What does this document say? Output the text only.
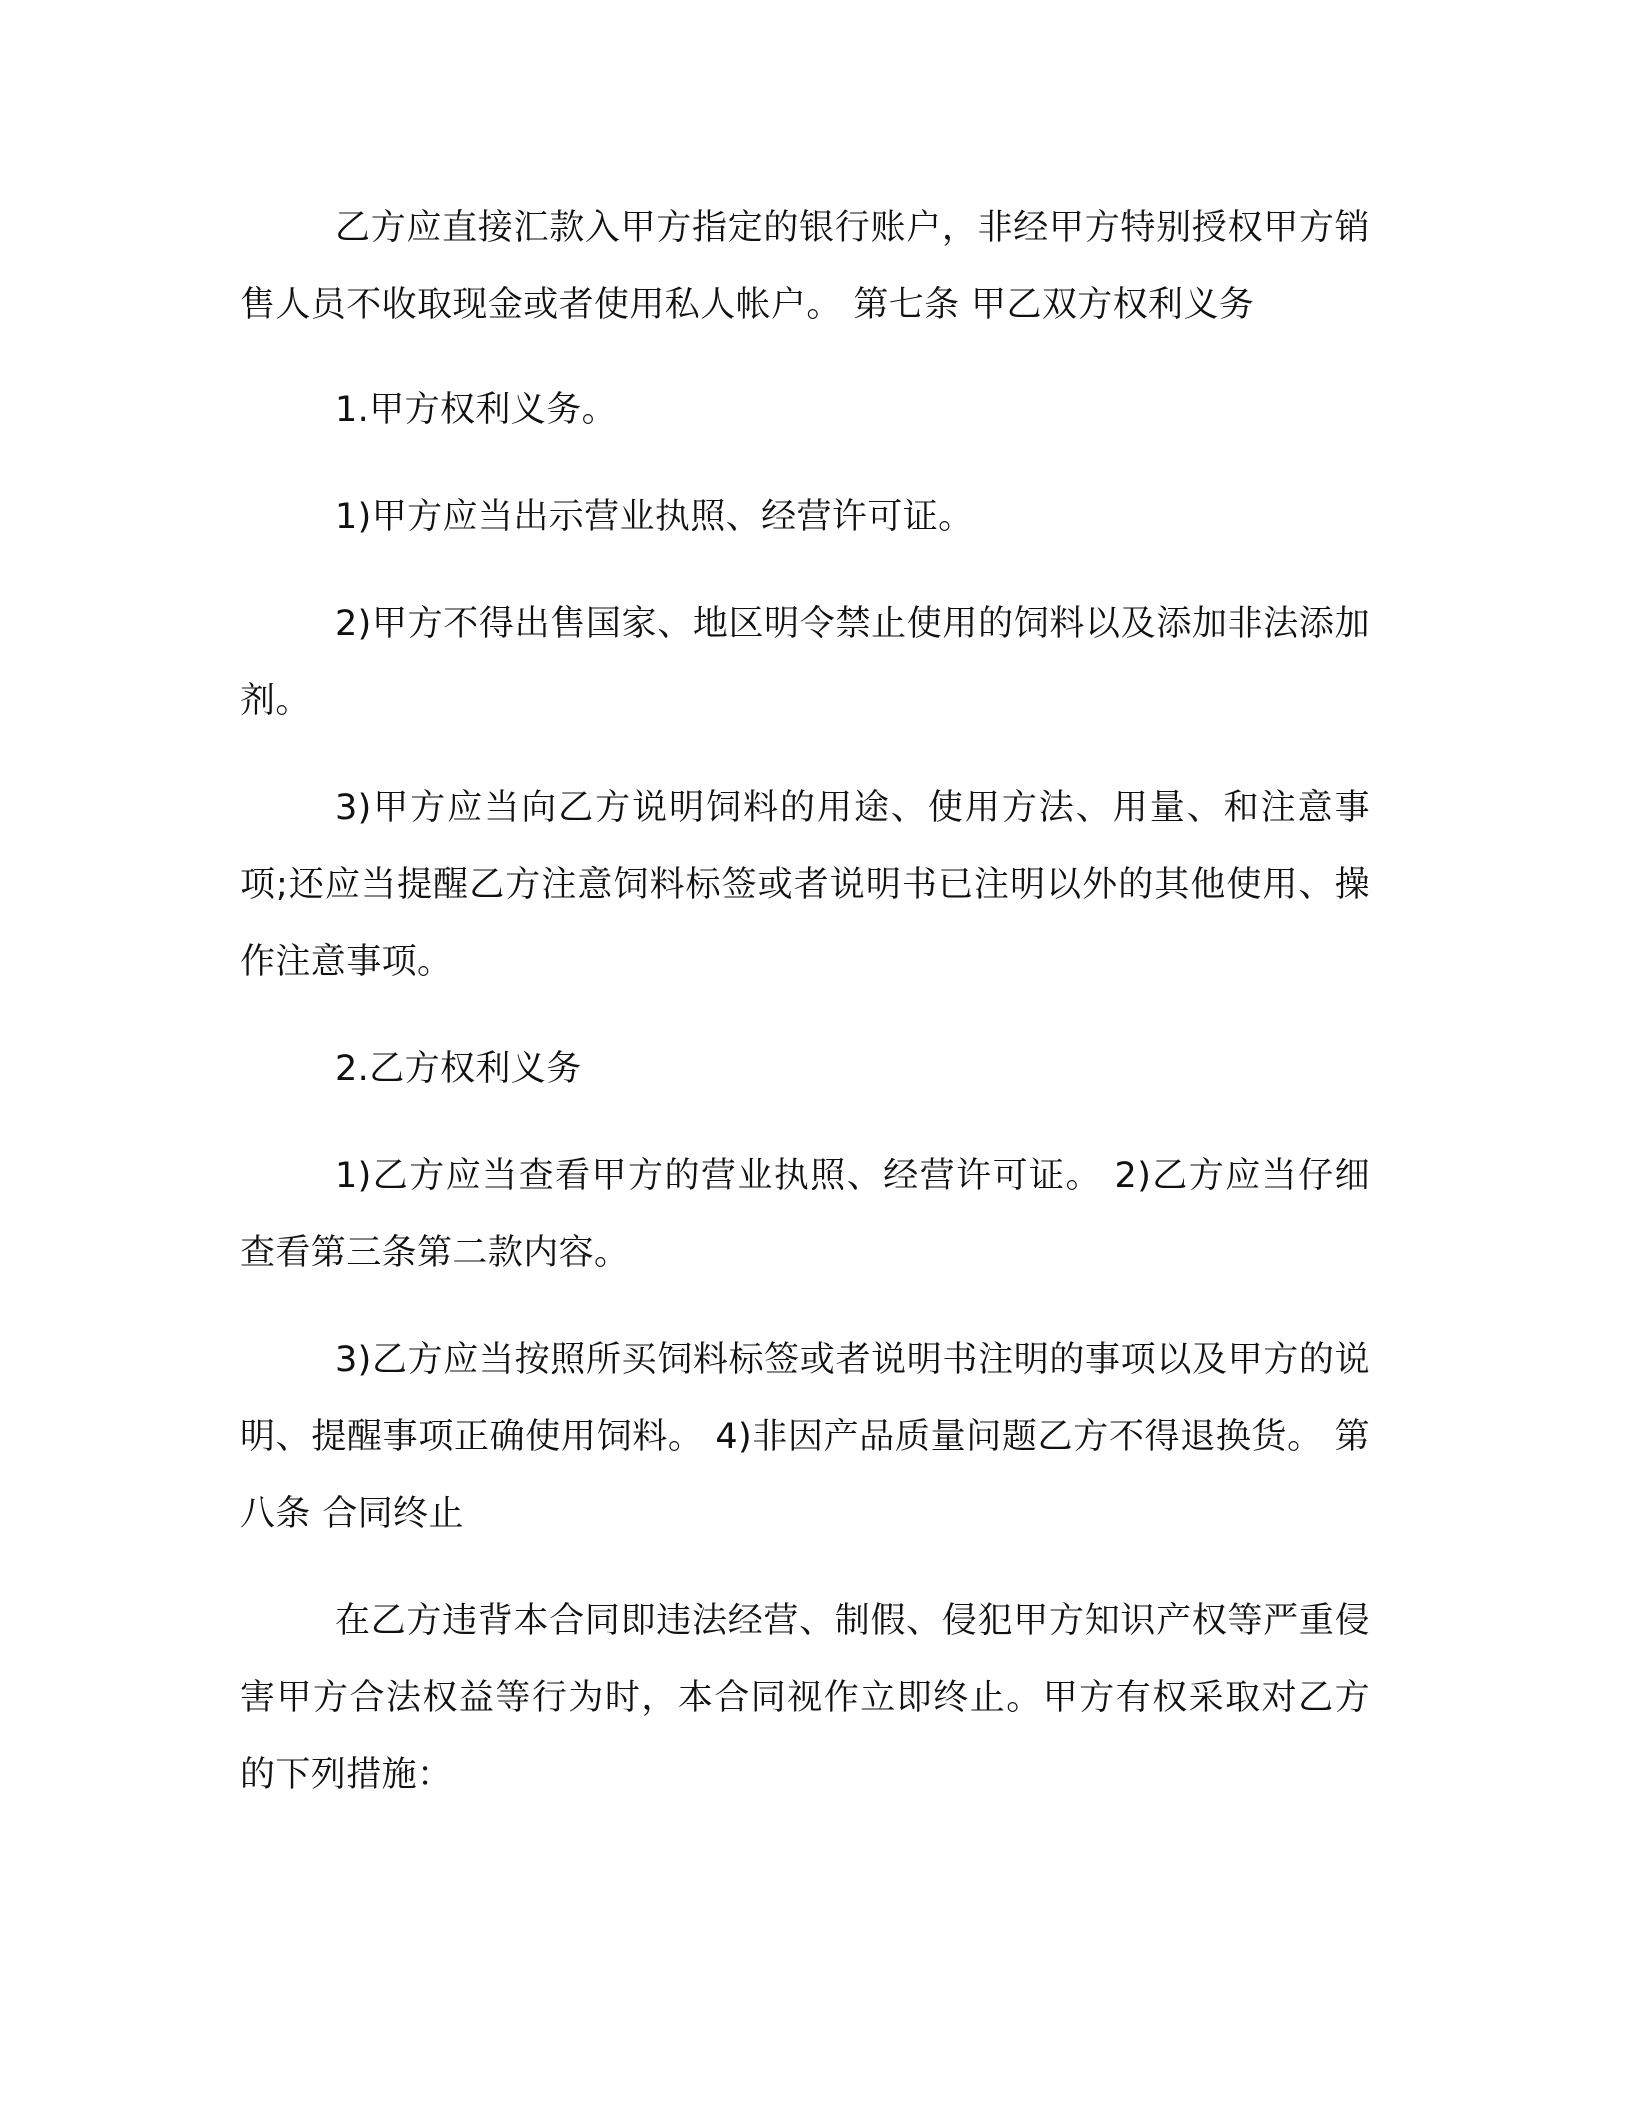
乙方应直接汇款入甲方指定的银行账户，非经甲方特别授权甲方销售人员不收取现金或者使用私人帐户。 第七条 甲乙双方权利义务

1.甲方权利义务。

1)甲方应当出示营业执照、经营许可证。

2)甲方不得出售国家、地区明令禁止使用的饲料以及添加非法添加剂。

3)甲方应当向乙方说明饲料的用途、使用方法、用量、和注意事项;还应当提醒乙方注意饲料标签或者说明书已注明以外的其他使用、操作注意事项。

2.乙方权利义务

1)乙方应当查看甲方的营业执照、经营许可证。 2)乙方应当仔细查看第三条第二款内容。

3)乙方应当按照所买饲料标签或者说明书注明的事项以及甲方的说明、提醒事项正确使用饲料。 4)非因产品质量问题乙方不得退换货。 第八条 合同终止

在乙方违背本合同即违法经营、制假、侵犯甲方知识产权等严重侵害甲方合法权益等行为时，本合同视作立即终止。甲方有权采取对乙方的下列措施：
